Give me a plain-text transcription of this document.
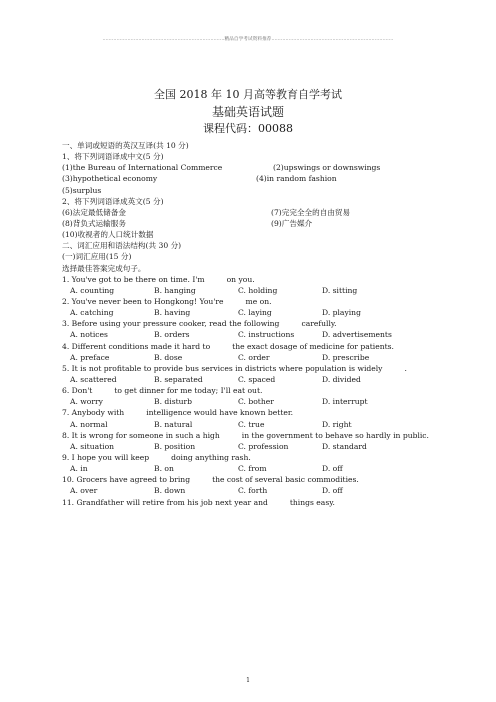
……………………………………………………………………精品自学考试资料推荐……………………………………………………………………
全国 2018 年 10 月高等教育自学考试
基础英语试题
课程代码：00088
一、单词或短语的英汉互译(共 10 分)
1、将下列词语译成中文(5 分)
(1)the Bureau of International Commerce	(2)upswings or downswings
(3)hypothetical economy	(4)in random fashion
(5)surplus
2、将下列词语译成英文(5 分)
(6)法定最低储备金	(7)完完全全的自由贸易
(8)背负式运输服务	(9)广告媒介
(10)收视者的人口统计数据
二、词汇应用和语法结构(共 30 分)
(一)词汇应用(15 分)
选择最佳答案完成句子。
1. You've got to be there on time. I'm	on you.
A. counting	B. hanging	C. holding	D. sitting
2. You've never been to Hongkong! You're	me on.
A. catching	B. having	C. laying	D. playing
3. Before using your pressure cooker, read the following	carefully.
A. notices	B. orders	C. instructions	D. advertisements
4. Different conditions made it hard to	the exact dosage of medicine for patients.
A. preface	B. dose	C. order	D. prescribe
5. It is not profitable to provide bus services in districts where population is widely	.
A. scattered	B. separated	C. spaced	D. divided
6. Don't	to get dinner for me today; I'll eat out.
A. worry	B. disturb	C. bother	D. interrupt
7. Anybody with	intelligence would have known better.
A. normal	B. natural	C. true	D. right
8. It is wrong for someone in such a high	in the government to behave so hardly in public.
A. situation	B. position	C. profession	D. standard
9. I hope you will keep	doing anything rash.
A. in	B. on	C. from	D. off
10. Grocers have agreed to bring	the cost of several basic commodities.
A. over	B. down	C. forth	D. off
11. Grandfather will retire from his job next year and	things easy.
1
